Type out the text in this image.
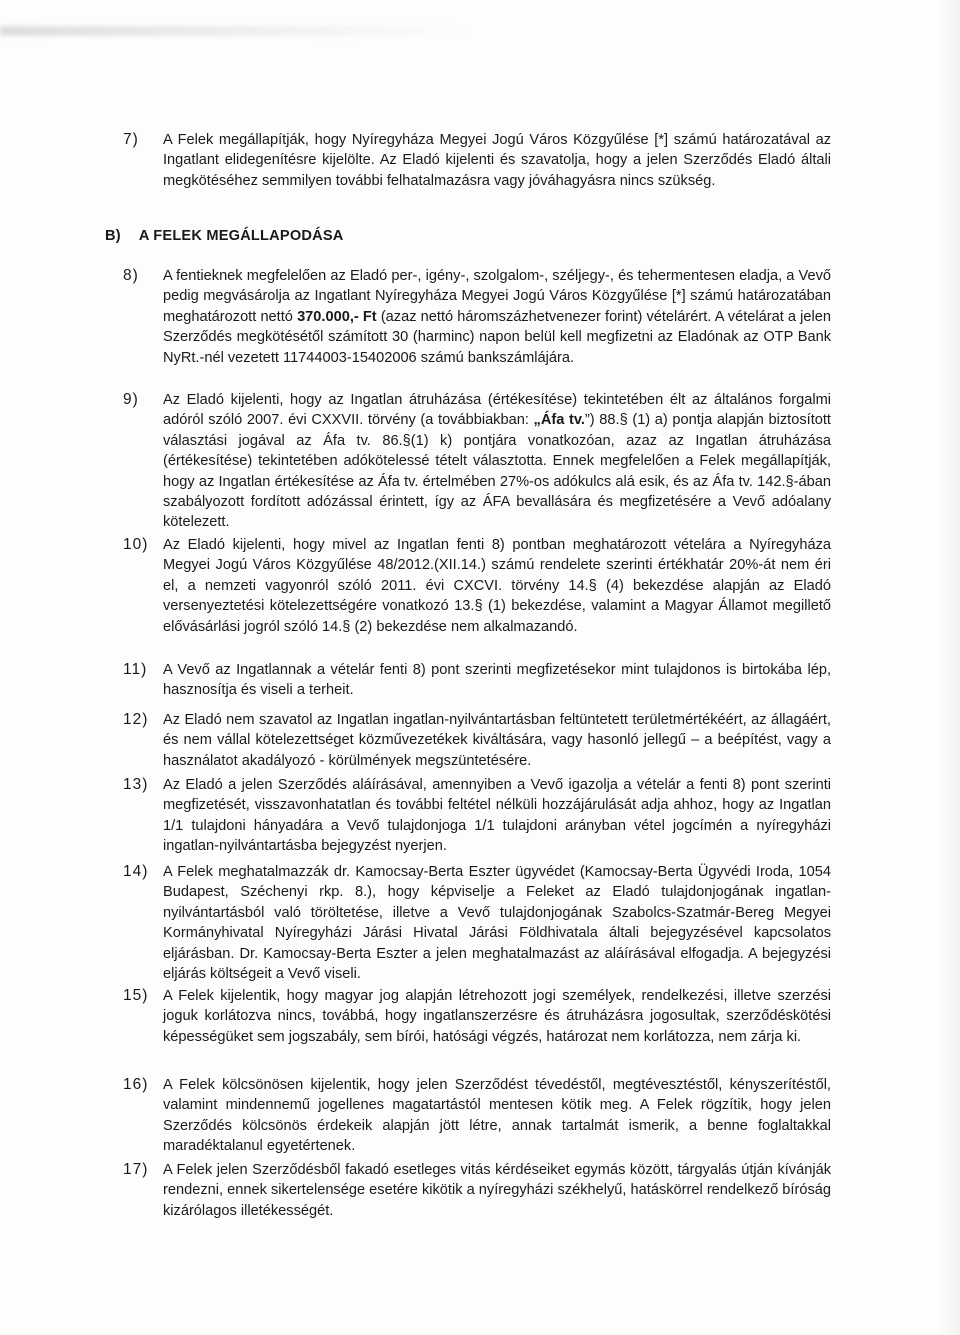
B) A FELEK MEGÁLLAPODÁSA
7) A Felek megállapítják, hogy Nyíregyháza Megyei Jogú Város Közgyűlése [*] számú határozatával az Ingatlant elidegenítésre kijelölte. Az Eladó kijelenti és szavatolja, hogy a jelen Szerződés Eladó általi megkötéséhez semmilyen további felhatalmazásra vagy jóváhagyásra nincs szükség.
8) A fentieknek megfelelően az Eladó per-, igény-, szolgalom-, széljegy-, és tehermentesen eladja, a Vevő pedig megvásárolja az Ingatlant Nyíregyháza Megyei Jogú Város Közgyűlése [*] számú határozatában meghatározott nettó 370.000,- Ft (azaz nettó háromszázhetvenezer forint) vételárért. A vételárat a jelen Szerződés megkötésétől számított 30 (harminc) napon belül kell megfizetni az Eladónak az OTP Bank NyRt.-nél vezetett 11744003-15402006 számú bankszámlájára.
9) Az Eladó kijelenti, hogy az Ingatlan átruházása (értékesítése) tekintetében élt az általános forgalmi adóról szóló 2007. évi CXXVII. törvény (a továbbiakban: „Áfa tv.”) 88.§ (1) a) pontja alapján biztosított választási jogával az Áfa tv. 86.§(1) k) pontjára vonatkozóan, azaz az Ingatlan átruházása (értékesítése) tekintetében adókötelessé tételt választotta. Ennek megfelelően a Felek megállapítják, hogy az Ingatlan értékesítése az Áfa tv. értelmében 27%-os adókulcs alá esik, és az Áfa tv. 142.§-ában szabályozott fordított adózással érintett, így az ÁFA bevallására és megfizetésére a Vevő adóalany kötelezett.
10) Az Eladó kijelenti, hogy mivel az Ingatlan fenti 8) pontban meghatározott vételára a Nyíregyháza Megyei Jogú Város Közgyűlése 48/2012.(XII.14.) számú rendelete szerinti értékhatár 20%-át nem éri el, a nemzeti vagyonról szóló 2011. évi CXCVI. törvény 14.§ (4) bekezdése alapján az Eladó versenyeztetési kötelezettségére vonatkozó 13.§ (1) bekezdése, valamint a Magyar Államot megillető elővásárlási jogról szóló 14.§ (2) bekezdése nem alkalmazandó.
11) A Vevő az Ingatlannak a vételár fenti 8) pont szerinti megfizetésekor mint tulajdonos is birtokába lép, hasznosítja és viseli a terheit.
12) Az Eladó nem szavatol az Ingatlan ingatlan-nyilvántartásban feltüntetett területmértékéért, az állagáért, és nem vállal kötelezettséget közművezetékek kiváltására, vagy hasonló jellegű – a beépítést, vagy a használatot akadályozó - körülmények megszüntetésére.
13) Az Eladó a jelen Szerződés aláírásával, amennyiben a Vevő igazolja a vételár a fenti 8) pont szerinti megfizetését, visszavonhatatlan és további feltétel nélküli hozzájárulását adja ahhoz, hogy az Ingatlan 1/1 tulajdoni hányadára a Vevő tulajdonjoga 1/1 tulajdoni arányban vétel jogcímén a nyíregyházi ingatlan-nyilvántartásba bejegyzést nyerjen.
14) A Felek meghatalmazzák dr. Kamocsay-Berta Eszter ügyvédet (Kamocsay-Berta Ügyvédi Iroda, 1054 Budapest, Széchenyi rkp. 8.), hogy képviselje a Feleket az Eladó tulajdonjogának ingatlan-nyilvántartásból való töröltetése, illetve a Vevő tulajdonjogának Szabolcs-Szatmár-Bereg Megyei Kormányhivatal Nyíregyházi Járási Hivatal Járási Földhivatala általi bejegyzésével kapcsolatos eljárásban. Dr. Kamocsay-Berta Eszter a jelen meghatalmazást az aláírásával elfogadja. A bejegyzési eljárás költségeit a Vevő viseli.
15) A Felek kijelentik, hogy magyar jog alapján létrehozott jogi személyek, rendelkezési, illetve szerzési joguk korlátozva nincs, továbbá, hogy ingatlanszerzésre és átruházásra jogosultak, szerződéskötési képességüket sem jogszabály, sem bírói, hatósági végzés, határozat nem korlátozza, nem zárja ki.
16) A Felek kölcsönösen kijelentik, hogy jelen Szerződést tévedéstől, megtévesztéstől, kényszerítéstől, valamint mindennemű jogellenes magatartástól mentesen kötik meg. A Felek rögzítik, hogy jelen Szerződés kölcsönös érdekeik alapján jött létre, annak tartalmát ismerik, a benne foglaltakkal maradéktalanul egyetértenek.
17) A Felek jelen Szerződésből fakadó esetleges vitás kérdéseiket egymás között, tárgyalás útján kívánják rendezni, ennek sikertelensége esetére kikötik a nyíregyházi székhelyű, hatáskörrel rendelkező bíróság kizárólagos illetékességét.
